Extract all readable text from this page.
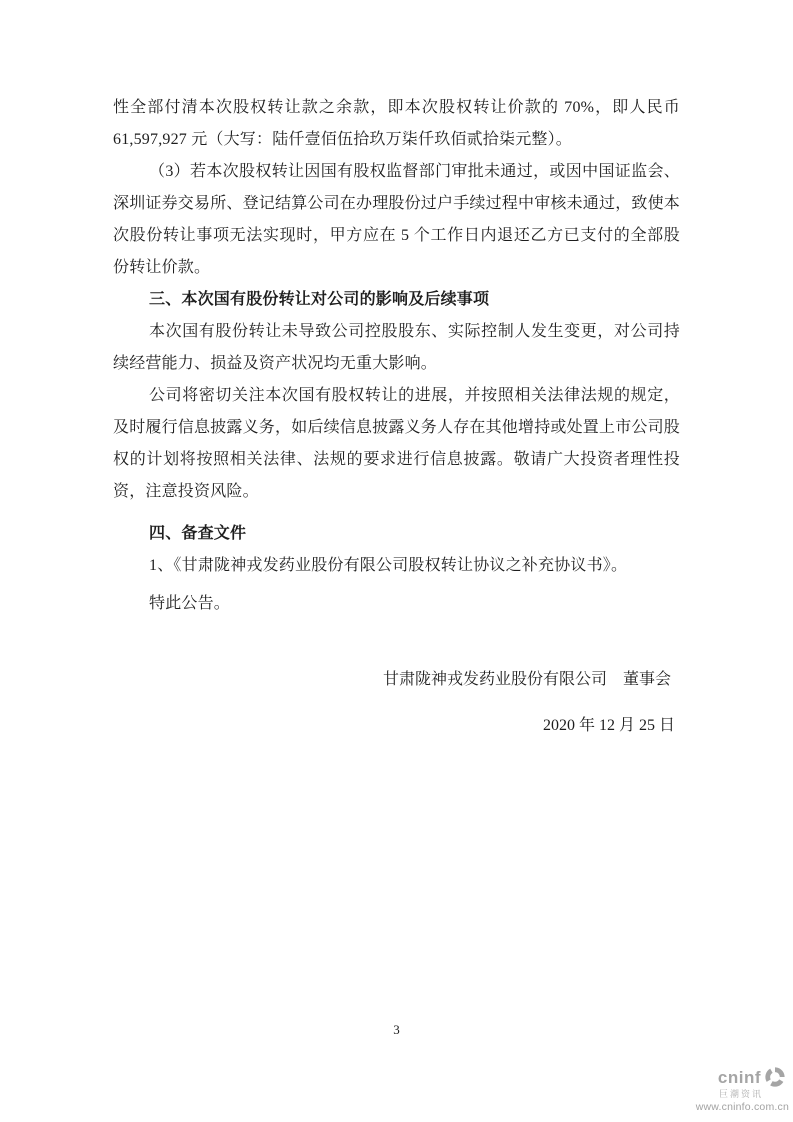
性全部付清本次股权转让款之余款，即本次股权转让价款的 70%，即人民币 61,597,927 元（大写：陆仟壹佰伍拾玖万柒仟玖佰贰拾柒元整）。

（3）若本次股权转让因国有股权监督部门审批未通过，或因中国证监会、深圳证券交易所、登记结算公司在办理股份过户手续过程中审核未通过，致使本次股份转让事项无法实现时，甲方应在 5 个工作日内退还乙方已支付的全部股份转让价款。

三、本次国有股份转让对公司的影响及后续事项

本次国有股份转让未导致公司控股股东、实际控制人发生变更，对公司持续经营能力、损益及资产状况均无重大影响。

公司将密切关注本次国有股权转让的进展，并按照相关法律法规的规定，及时履行信息披露义务，如后续信息披露义务人存在其他增持或处置上市公司股权的计划将按照相关法律、法规的要求进行信息披露。敬请广大投资者理性投资，注意投资风险。

四、备查文件

1、《甘肃陇神戎发药业股份有限公司股权转让协议之补充协议书》。

特此公告。

甘肃陇神戎发药业股份有限公司　董事会
2020 年 12 月 25 日
3
cninf
巨潮资讯
www.cninfo.com.cn
